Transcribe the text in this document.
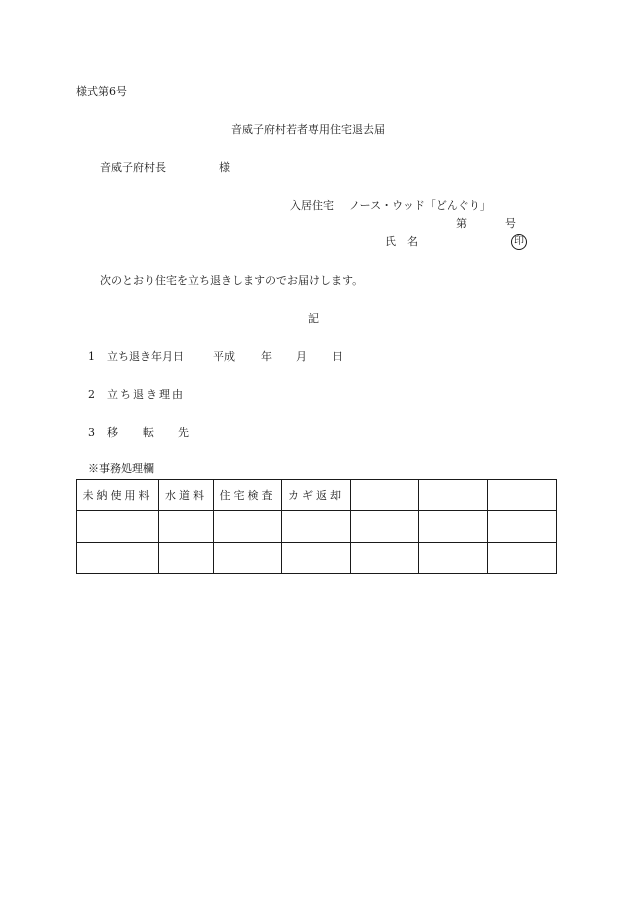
様式第6号
音威子府村若者専用住宅退去届
音威子府村長	様
入居住宅 ノース・ウッド「どんぐり」
第	号
氏 名	印
次のとおり住宅を立ち退きしますのでお届けします。
記
1 立ち退き年月日	平成 年 月 日
2 立ち退き理由
3 移 転 先
※事務処理欄
未納使用料	水道料	住宅検査	カギ返却			
